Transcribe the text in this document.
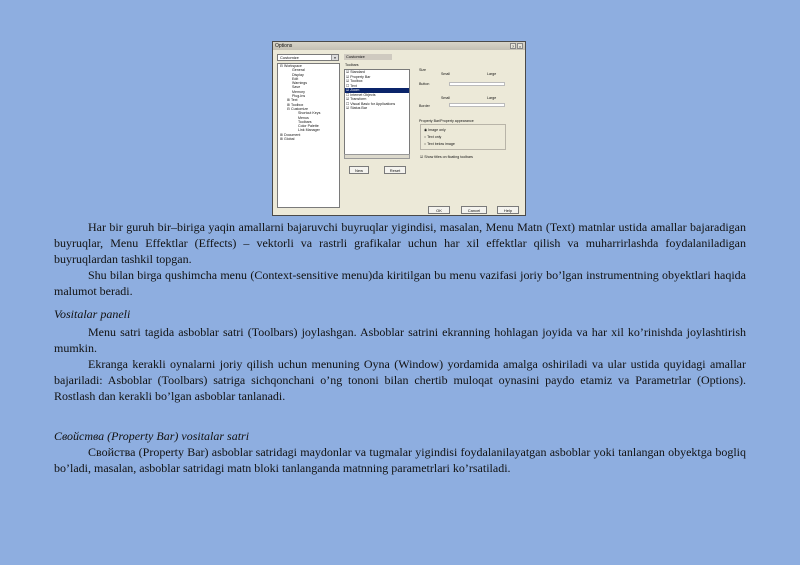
Options	?	×
Customize	▼
⊟ Workspace
General
Display
Edit
Warnings
Save
Memory
Plug-Ins
⊞ Text
⊞ Toolbox
⊟ Customize
Shortcut Keys
Menus
Toolbars
Color Palette
Link Manager
⊞ Document
⊞ Global
Customize
Toolbars
☑ Standard
☑ Property Bar
☑ Toolbox
☐ Text
☑ Zoom
☐ Internet Objects
☑ Transform
☐ Visual Basic for Applications
☑ Status Bar
New	Reset
Size
Small	Large
Button
Small	Large
Border
Property Bar/Property appearance
◉ Image only
○ Text only
○ Text below image
☑ Show titles on floating toolbars
OK	Cancel	Help

Har bir guruh bir–biriga yaqin amallarni bajaruvchi buyruqlar yigindisi, masalan, Menu Matn (Text) matnlar ustida amallar bajaradigan buyruqlar, Menu Effektlar (Effects) – vektorli va rastrli grafikalar uchun har xil effektlar qilish va muharrirlashda foydalaniladigan buyruqlardan tashkil topgan.

Shu bilan birga qushimcha menu (Context-sensitive menu)da kiritilgan bu menu vazifasi joriy bo’lgan instrumentning obyektlari haqida malumot beradi.

Vositalar paneli

Menu satri tagida asboblar satri (Toolbars) joylashgan. Asboblar satrini ekranning hohlagan joyida va har xil ko’rinishda joylashtirish mumkin.

Ekranga kerakli oynalarni joriy qilish uchun menuning Oyna (Window) yordamida amalga oshiriladi va ular ustida quyidagi amallar bajariladi: Asboblar (Toolbars) satriga sichqonchani o’ng tononi bilan chertib muloqat oynasini paydo etamiz va Parametrlar (Options). Rostlash dan kerakli bo’lgan asboblar tanlanadi.

Свойства (Property Bar) vositalar satri

Свойства (Property Bar) asboblar satridagi maydonlar va tugmalar yigindisi foydalanilayatgan asboblar yoki tanlangan obyektga bogliq bo’ladi, masalan, asboblar satridagi matn bloki tanlanganda matnning parametrlari ko’rsatiladi.
